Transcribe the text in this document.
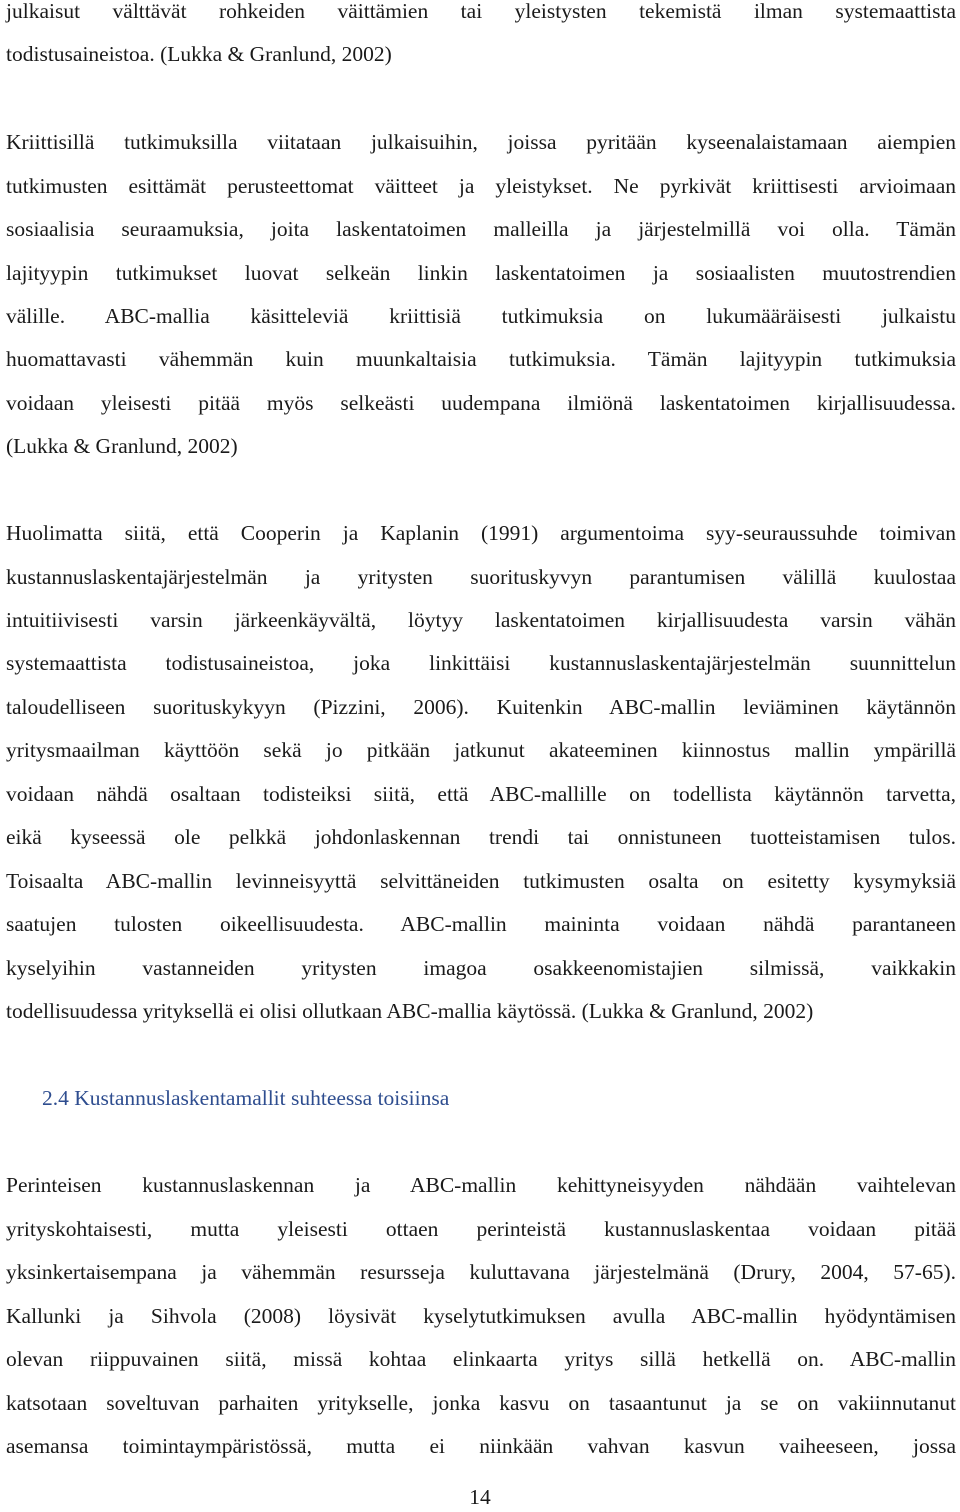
julkaisut välttävät rohkeiden väittämien tai yleistysten tekemistä ilman systemaattista
todistusaineistoa. (Lukka & Granlund, 2002)
Kriittisillä tutkimuksilla viitataan julkaisuihin, joissa pyritään kyseenalaistamaan aiempien
tutkimusten esittämät perusteettomat väitteet ja yleistykset. Ne pyrkivät kriittisesti arvioimaan
sosiaalisia seuraamuksia, joita laskentatoimen malleilla ja järjestelmillä voi olla. Tämän
lajityypin tutkimukset luovat selkeän linkin laskentatoimen ja sosiaalisten muutostrendien
välille. ABC-mallia käsitteleviä kriittisiä tutkimuksia on lukumääräisesti julkaistu
huomattavasti vähemmän kuin muunkaltaisia tutkimuksia. Tämän lajityypin tutkimuksia
voidaan yleisesti pitää myös selkeästi uudempana ilmiönä laskentatoimen kirjallisuudessa.
(Lukka & Granlund, 2002)
Huolimatta siitä, että Cooperin ja Kaplanin (1991) argumentoima syy-seuraussuhde toimivan
kustannuslaskentajärjestelmän ja yritysten suorituskyvyn parantumisen välillä kuulostaa
intuitiivisesti varsin järkeenkäyvältä, löytyy laskentatoimen kirjallisuudesta varsin vähän
systemaattista todistusaineistoa, joka linkittäisi kustannuslaskentajärjestelmän suunnittelun
taloudelliseen suorituskykyyn (Pizzini, 2006). Kuitenkin ABC-mallin leviäminen käytännön
yritysmaailman käyttöön sekä jo pitkään jatkunut akateeminen kiinnostus mallin ympärillä
voidaan nähdä osaltaan todisteiksi siitä, että ABC-mallille on todellista käytännön tarvetta,
eikä kyseessä ole pelkkä johdonlaskennan trendi tai onnistuneen tuotteistamisen tulos.
Toisaalta ABC-mallin levinneisyyttä selvittäneiden tutkimusten osalta on esitetty kysymyksiä
saatujen tulosten oikeellisuudesta. ABC-mallin maininta voidaan nähdä parantaneen
kyselyihin vastanneiden yritysten imagoa osakkeenomistajien silmissä, vaikkakin
todellisuudessa yrityksellä ei olisi ollutkaan ABC-mallia käytössä. (Lukka & Granlund, 2002)
2.4 Kustannuslaskentamallit suhteessa toisiinsa
Perinteisen kustannuslaskennan ja ABC-mallin kehittyneisyyden nähdään vaihtelevan
yrityskohtaisesti, mutta yleisesti ottaen perinteistä kustannuslaskentaa voidaan pitää
yksinkertaisempana ja vähemmän resursseja kuluttavana järjestelmänä (Drury, 2004, 57-65).
Kallunki ja Sihvola (2008) löysivät kyselytutkimuksen avulla ABC-mallin hyödyntämisen
olevan riippuvainen siitä, missä kohtaa elinkaarta yritys sillä hetkellä on. ABC-mallin
katsotaan soveltuvan parhaiten yritykselle, jonka kasvu on tasaantunut ja se on vakiinnutanut
asemansa toimintaympäristössä, mutta ei niinkään vahvan kasvun vaiheeseen, jossa
14
